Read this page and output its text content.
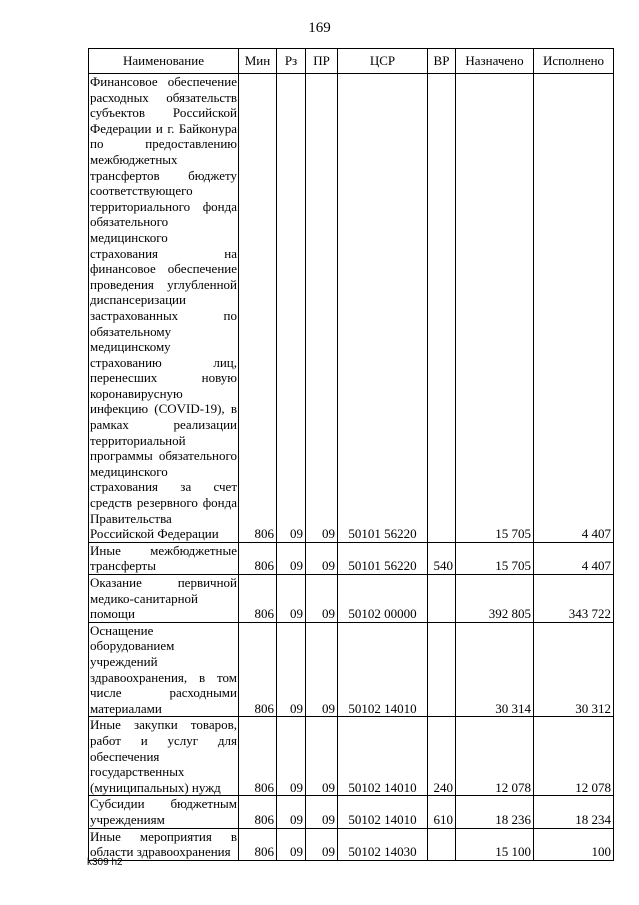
169
Наименование	Мин	Рз	ПР	ЦСР	ВР	Назначено	Исполнено
Финансовое обеспечение расходных обязательств субъектов Российской Федерации и г. Байконура по предоставлению межбюджетных трансфертов бюджету соответствующего территориального фонда обязательного медицинского страхования на финансовое обеспечение проведения углубленной диспансеризации застрахованных по обязательному медицинскому страхованию лиц, перенесших новую коронавирусную инфекцию (COVID-19), в рамках реализации территориальной программы обязательного медицинского страхования за счет средств резервного фонда Правительства Российской Федерации	806	09	09	50101 56220		15 705	4 407
Иные межбюджетные трансферты	806	09	09	50101 56220	540	15 705	4 407
Оказание первичной медико-санитарной помощи	806	09	09	50102 00000		392 805	343 722
Оснащение оборудованием учреждений здравоохранения, в том числе расходными материалами	806	09	09	50102 14010		30 314	30 312
Иные закупки товаров, работ и услуг для обеспечения государственных (муниципальных) нужд	806	09	09	50102 14010	240	12 078	12 078
Субсидии бюджетным учреждениям	806	09	09	50102 14010	610	18 236	18 234
Иные мероприятия в области здравоохранения	806	09	09	50102 14030		15 100	100
k309 h2
